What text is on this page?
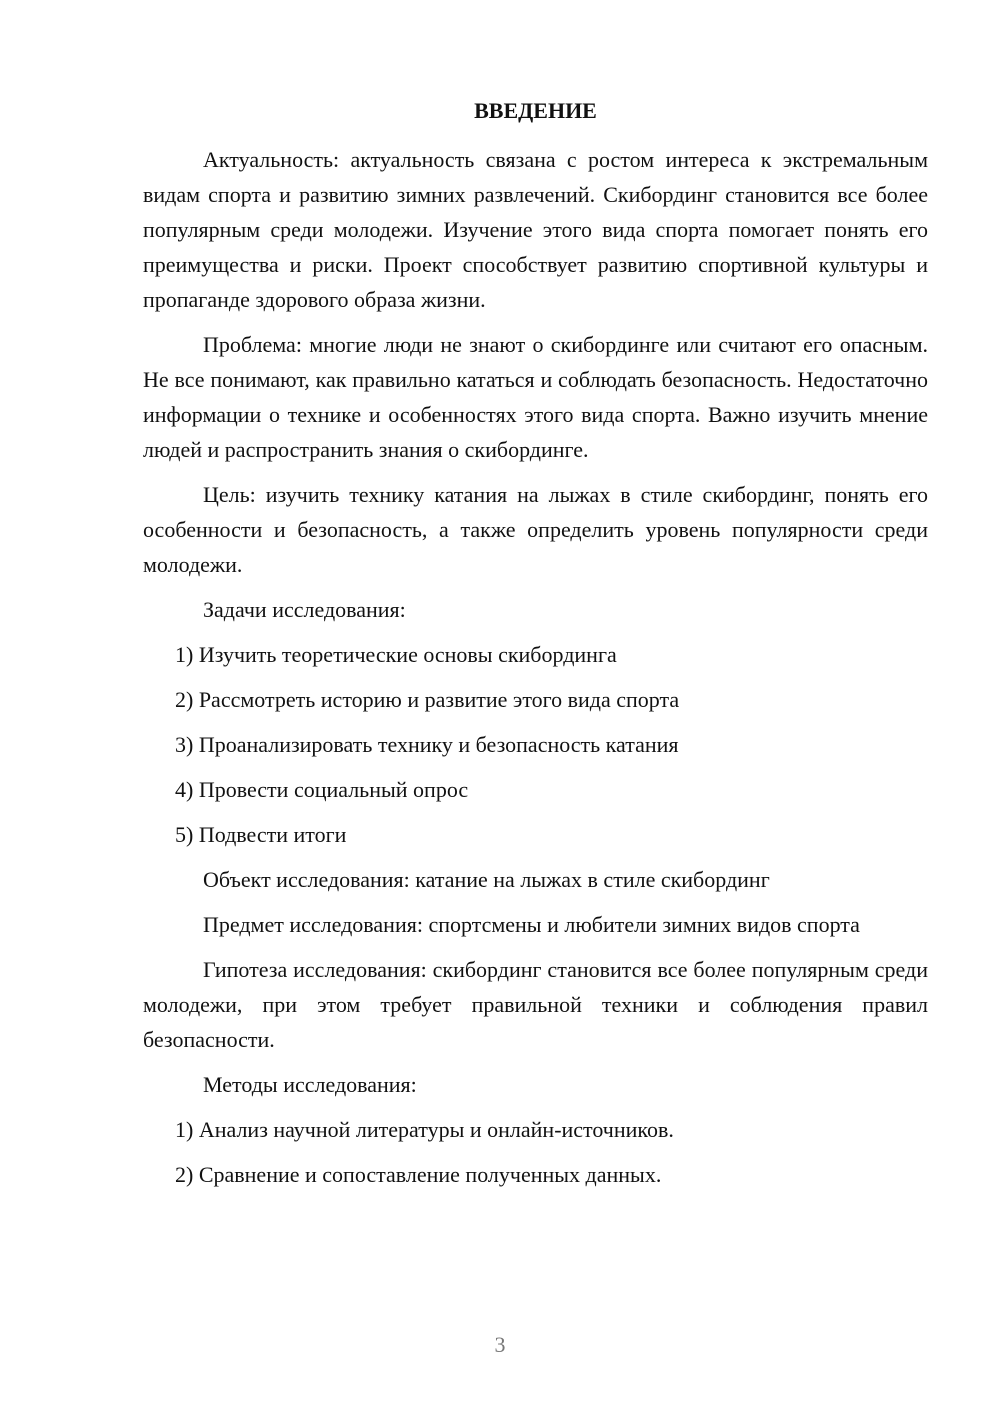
ВВЕДЕНИЕ

Актуальность: актуальность связана с ростом интереса к экстремальным видам спорта и развитию зимних развлечений. Скибординг становится все более популярным среди молодежи. Изучение этого вида спорта помогает понять его преимущества и риски. Проект способствует развитию спортивной культуры и пропаганде здорового образа жизни.

Проблема: многие люди не знают о скибординге или считают его опасным. Не все понимают, как правильно кататься и соблюдать безопасность. Недостаточно информации о технике и особенностях этого вида спорта. Важно изучить мнение людей и распространить знания о скибординге.

Цель: изучить технику катания на лыжах в стиле скибординг, понять его особенности и безопасность, а также определить уровень популярности среди молодежи.

Задачи исследования:

1) Изучить теоретические основы скибординга

2) Рассмотреть историю и развитие этого вида спорта

3) Проанализировать технику и безопасность катания

4) Провести социальный опрос

5) Подвести итоги

Объект исследования: катание на лыжах в стиле скибординг

Предмет исследования: спортсмены и любители зимних видов спорта

Гипотеза исследования: скибординг становится все более популярным среди молодежи, при этом требует правильной техники и соблюдения правил безопасности.

Методы исследования:

1) Анализ научной литературы и онлайн-источников.

2) Сравнение и сопоставление полученных данных.

3
